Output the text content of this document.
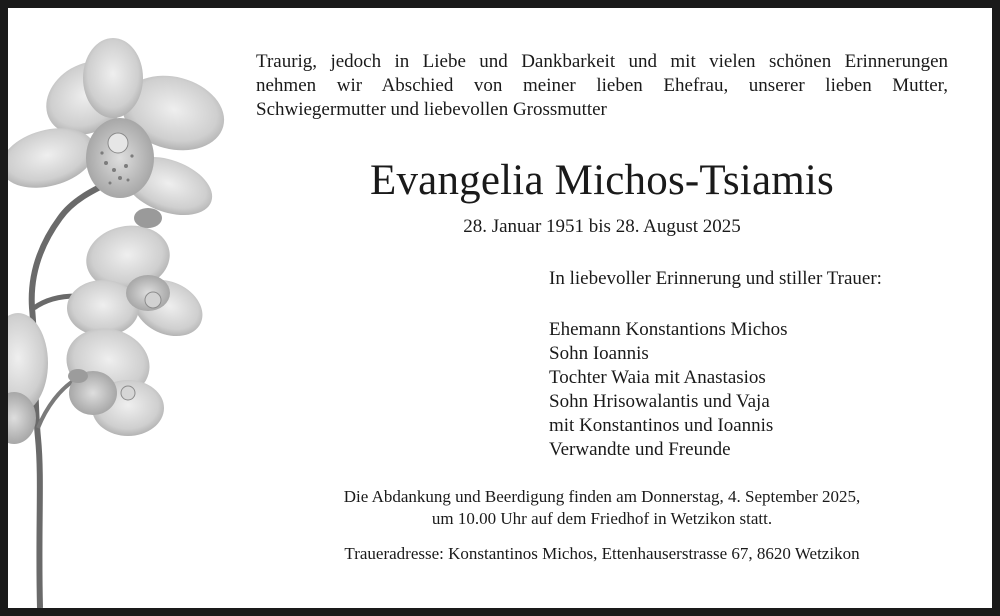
Traurig, jedoch in Liebe und Dankbarkeit und mit vielen schönen Erinnerungen
nehmen wir Abschied von meiner lieben Ehefrau, unserer lieben Mutter,
Schwiegermutter und liebevollen Grossmutter
Evangelia Michos-Tsiamis
28. Januar 1951 bis 28. August 2025
In liebevoller Erinnerung und stiller Trauer:
Ehemann Konstantions Michos
Sohn Ioannis
Tochter Waia mit Anastasios
Sohn Hrisowalantis und Vaja
mit Konstantinos und Ioannis
Verwandte und Freunde
Die Abdankung und Beerdigung finden am Donnerstag, 4. September 2025,
um 10.00 Uhr auf dem Friedhof in Wetzikon statt.
Traueradresse: Konstantinos Michos, Ettenhauserstrasse 67, 8620 Wetzikon
